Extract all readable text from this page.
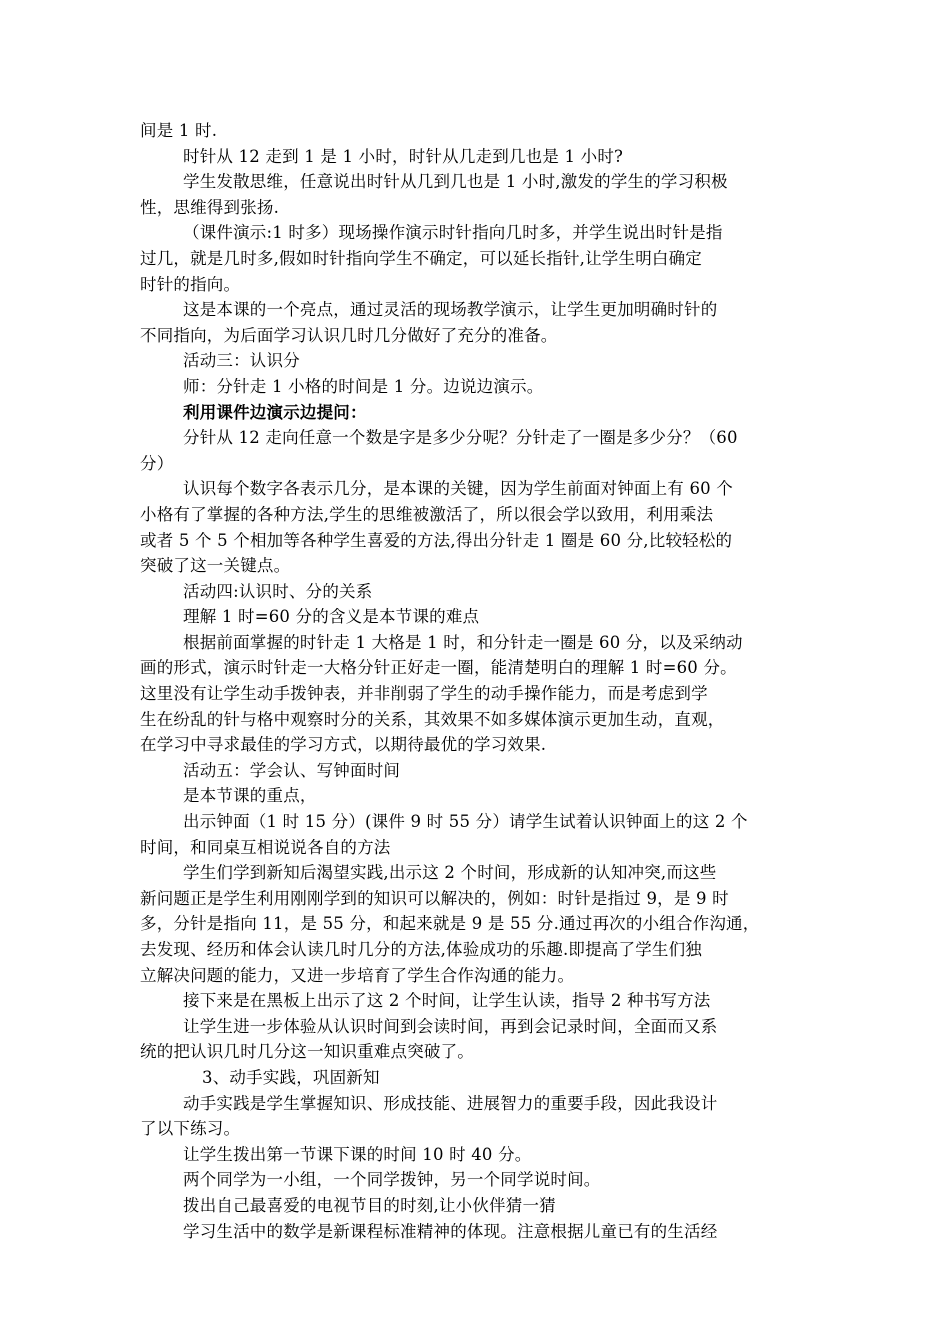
间是 1 时.
时针从 12 走到 1 是 1 小时，时针从几走到几也是 1 小时?
学生发散思维，任意说出时针从几到几也是 1 小时,激发的学生的学习积极
性，思维得到张扬.
（课件演示:1 时多）现场操作演示时针指向几时多，并学生说出时针是指
过几，就是几时多,假如时针指向学生不确定，可以延长指针,让学生明白确定
时针的指向。
这是本课的一个亮点，通过灵活的现场教学演示，让学生更加明确时针的
不同指向，为后面学习认识几时几分做好了充分的准备。
活动三：认识分
师：分针走 1 小格的时间是 1 分。边说边演示。
利用课件边演示边提问：
分针从 12 走向任意一个数是字是多少分呢？分针走了一圈是多少分？（60
分）
认识每个数字各表示几分，是本课的关键，因为学生前面对钟面上有 60 个
小格有了掌握的各种方法,学生的思维被激活了，所以很会学以致用，利用乘法
或者 5 个 5 个相加等各种学生喜爱的方法,得出分针走 1 圈是 60 分,比较轻松的
突破了这一关键点。
活动四:认识时、分的关系
理解 1 时=60 分的含义是本节课的难点
根据前面掌握的时针走 1 大格是 1 时，和分针走一圈是 60 分，以及采纳动
画的形式，演示时针走一大格分针正好走一圈，能清楚明白的理解 1 时=60 分。
这里没有让学生动手拨钟表，并非削弱了学生的动手操作能力，而是考虑到学
生在纷乱的针与格中观察时分的关系，其效果不如多媒体演示更加生动，直观，
在学习中寻求最佳的学习方式，以期待最优的学习效果.
活动五：学会认、写钟面时间
是本节课的重点，
出示钟面（1 时 15 分）(课件 9 时 55 分）请学生试着认识钟面上的这 2 个
时间，和同桌互相说说各自的方法
学生们学到新知后渴望实践,出示这 2 个时间，形成新的认知冲突,而这些
新问题正是学生利用刚刚学到的知识可以解决的，例如：时针是指过 9，是 9 时
多，分针是指向 11，是 55 分，和起来就是 9 是 55 分.通过再次的小组合作沟通，
去发现、经历和体会认读几时几分的方法,体验成功的乐趣.即提高了学生们独
立解决问题的能力，又进一步培育了学生合作沟通的能力。
接下来是在黑板上出示了这 2 个时间，让学生认读，指导 2 种书写方法
让学生进一步体验从认识时间到会读时间，再到会记录时间，全面而又系
统的把认识几时几分这一知识重难点突破了。
3、动手实践，巩固新知
动手实践是学生掌握知识、形成技能、进展智力的重要手段，因此我设计
了以下练习。
让学生拨出第一节课下课的时间 10 时 40 分。
两个同学为一小组，一个同学拨钟，另一个同学说时间。
拨出自己最喜爱的电视节目的时刻,让小伙伴猜一猜
学习生活中的数学是新课程标准精神的体现。注意根据儿童已有的生活经
